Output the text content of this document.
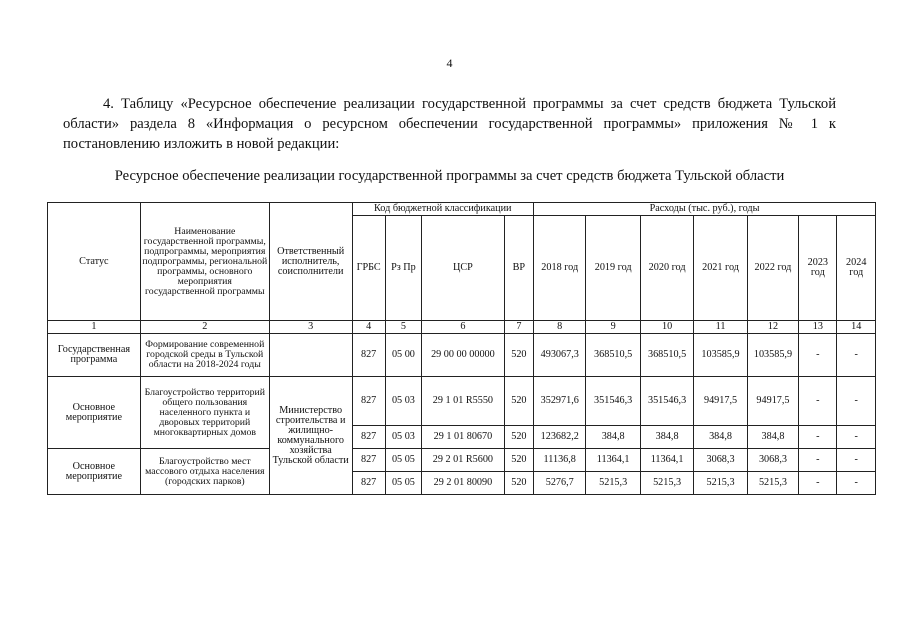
4
4. Таблицу «Ресурсное обеспечение реализации государственной программы за счет средств бюджета Тульской области» раздела 8 «Информация о ресурсном обеспечении государственной программы» приложения № 1 к постановлению изложить в новой редакции:
Ресурсное обеспечение реализации государственной программы за счет средств бюджета Тульской области
Статус	Наименование государственной программы, подпрограммы, мероприятия подпрограммы, региональной программы, основного мероприятия государственной программы	Ответственный исполнитель, соисполнители	Код бюджетной классификации				Расходы (тыс. руб.), годы						
			ГРБС	Рз Пр	ЦСР	ВР	2018 год	2019 год	2020 год	2021 год	2022 год	2023 год	2024 год
1	2	3	4	5	6	7	8	9	10	11	12	13	14
Государственная программа	Формирование современной городской среды в Тульской области на 2018-2024 годы		827	05 00	29 00 00 00000	520	493067,3	368510,5	368510,5	103585,9	103585,9	-	-
Основное мероприятие	Благоустройство территорий общего пользования населенного пункта и дворовых территорий многоквартирных домов	Министерство строительства и жилищно-коммунального хозяйства Тульской области	827	05 03	29 1 01 R5550	520	352971,6	351546,3	351546,3	94917,5	94917,5	-	-
			827	05 03	29 1 01 80670	520	123682,2	384,8	384,8	384,8	384,8	-	-
Основное мероприятие	Благоустройство мест массового отдыха населения (городских парков)		827	05 05	29 2 01 R5600	520	11136,8	11364,1	11364,1	3068,3	3068,3	-	-
			827	05 05	29 2 01 80090	520	5276,7	5215,3	5215,3	5215,3	5215,3	-	-
